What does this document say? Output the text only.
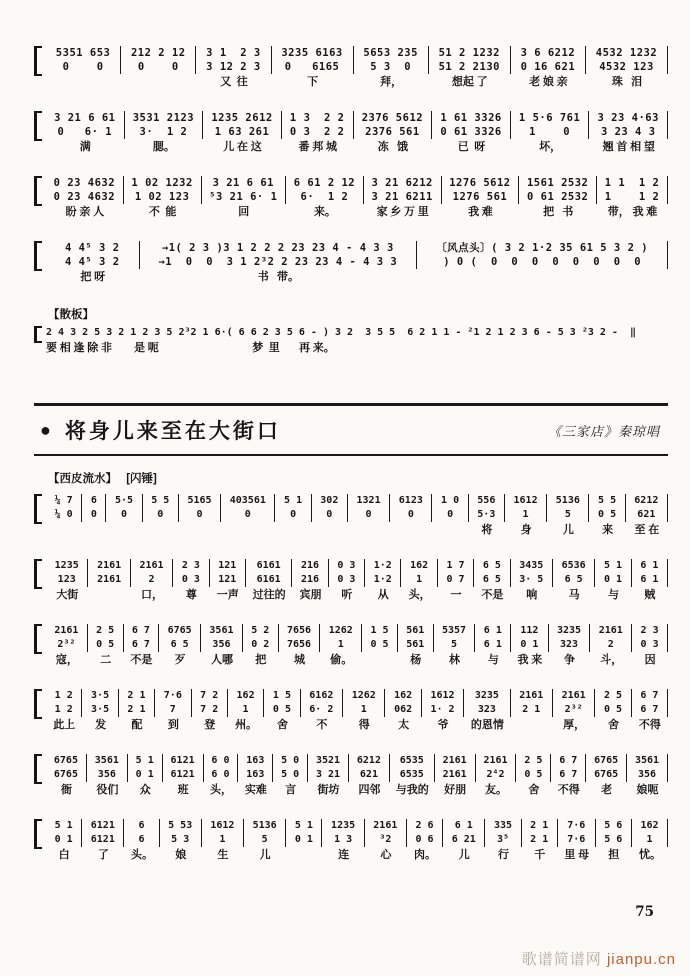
5351 653
0    0
212 2 12
0    0
3 1  2 3
3 12 2 3
又  往
3235 6163
0   6165
下
5653 235
5 3  0
拜，
51 2 1232
51 2 2130
想起 了
3 6 6212
0 16 621
老 娘 亲
4532 1232
4532 123
珠   泪
3 21 6 61
0   6· 1
满
3531 2123
3·  1 2
腮。
1235 2612
1 63 261
儿 在 这
1 3  2 2
0 3  2 2
番 邦 城
2376 5612
2376 561
冻   饿
1 61 3326
0 61 3326
已  呀
1 5·6 761
1    0
坏，
3 23 4·63
3 23 4 3
翘 首 相 望
0 23 4632
0 23 4632
盼 亲 人
1 02 1232
1 02 123
不  能
3 21 6 61
⁵3 21 6· 1
回
6 61 2 12
6·  1 2
来。
3 21 6212
3 21 6211
家 乡 万 里
1276 5612
1276 561
我 难
1561 2532
0 61 2532
把   书
1 1  1 2
1    1 2
带， 我 难
4 4⁵ 3 2
4 4⁵ 3 2
把 呀
→1( 2 3 )3 1 2 2 2 23 23 4 - 4 3 3
→1  0  0  3 1 2³2 2 23 23 4 - 4 3 3
书   带。
〔风点头〕( 3 2 1·2 35 61 5 3 2 )
) 0 (  0  0  0  0  0  0  0  0
【散板】
2 4 3 2 5 3 2 1 2 3 5 2³2 1 6·( 6 6 2 3 5 6 - ) 3 2  3 5 5  6 2 1 1 - ²1 2 1 2 3 6 - 5 3 ²3 2 -  ‖
要 相 逢 除 非        是 呃                                  梦  里       再 来。
● 将身儿来至在大街口	《三家店》秦琼唱
【西皮流水】 [闪锤]
¼ 7
¼ 0
6
0
5·5
0
5 5
0
5165
0
403561
0
5 1
0
302
0
1321
0
6123
0
1 0
0
556
5·3
将
1612
1
身
5136
5
儿
5 5
0 5
来
6212
621
至 在
1235
123
大街
2161
2161
2161
2
口，
2 3
0 3
尊
121
121
一声
6161
6161
过往的
216
216
宾朋
0 3
0 3
听
1·2
1·2
从
162
1
头，
1 7
0 7
一
6 5
6 5
不是
3435
3· 5
响
6536
6 5
马
5 1
0 1
与
6 1
6 1
贼
2161
2³²
寇，
2 5
0 5
二
6 7
6 7
不是
6765
6 5
歹
3561
356
人哪
5 2
0 2
把
7656
7656
城
1262
1
偷。
1 5
0 5
561
561
杨
5357
5
林
6 1
6 1
与
112
0 1
我 来
3235
323
争
2161
2
斗，
2 3
0 3
因
1 2
1 2
此上
3·5
3·5
发
2 1
2 1
配
7·6
7
到
7 2
7 2
登
162
1
州。
1 5
0 5
舍
6162
6· 2
不
1262
1
得
162
062
太
1612
1· 2
爷
3235
323
的恩情
2161
2 1
2161
2³²
厚，
2 5
0 5
舍
6 7
6 7
不得
6765
6765
衙
3561
356
役们
5 1
0 1
众
6121
6121
班
6 0
6 0
头，
163
163
实难
5 0
5 0
言
3521
3 21
街坊
6212
621
四邻
6535
6535
与我的
2161
2161
好朋
2161
2⁴2
友。
2 5
0 5
舍
6 7
6 7
不得
6765
6765
老
3561
356
娘呃
5 1
0 1
白
6121
6121
了
6
6
头。
5 53
5 3
娘
1612
1
生
5136
5
儿
5 1
0 1
1235
1 3
连
2161
³2
心
2 6
0 6
肉。
6 1
6 21
儿
335
3⁵
行
2 1
2 1
千
7·6
7·6
里 母
5 6
5 6
担
162
1
忧。
75
歌谱简谱网 jianpu.cn
